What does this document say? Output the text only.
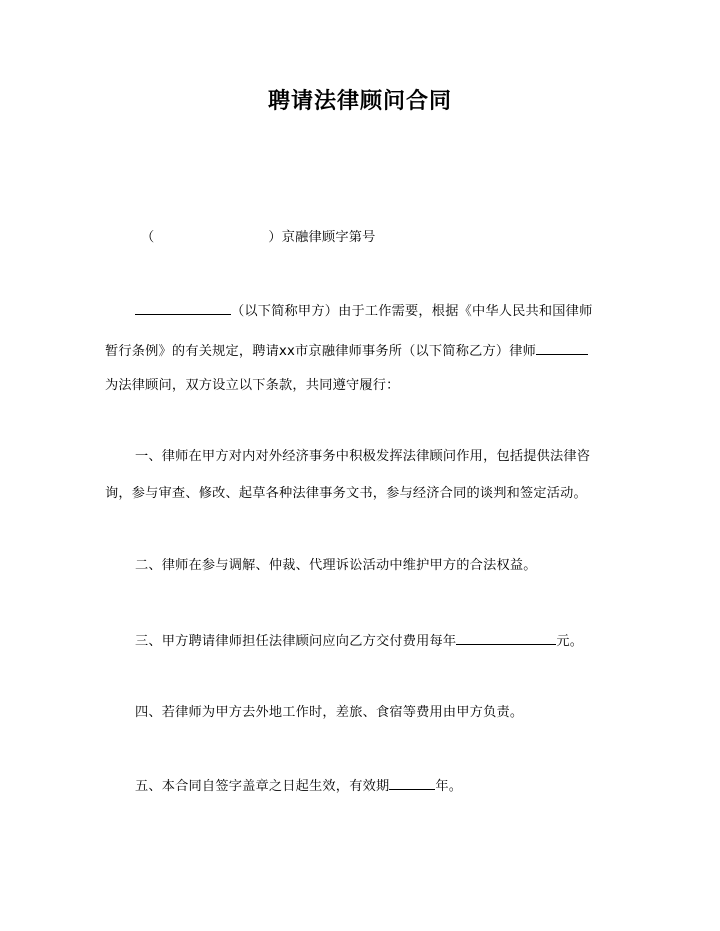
聘请法律顾问合同
（	）京融律顾字第号
（以下简称甲方）由于工作需要，根据《中华人民共和国律师
暂行条例》的有关规定，聘请xx市京融律师事务所（以下简称乙方）律师
为法律顾问，双方设立以下条款，共同遵守履行：
一、律师在甲方对内对外经济事务中积极发挥法律顾问作用，包括提供法律咨
询，参与审查、修改、起草各种法律事务文书，参与经济合同的谈判和签定活动。
二、律师在参与调解、仲裁、代理诉讼活动中维护甲方的合法权益。
三、甲方聘请律师担任法律顾问应向乙方交付费用每年	元。
四、若律师为甲方去外地工作时，差旅、食宿等费用由甲方负责。
五、本合同自签字盖章之日起生效，有效期	年。
